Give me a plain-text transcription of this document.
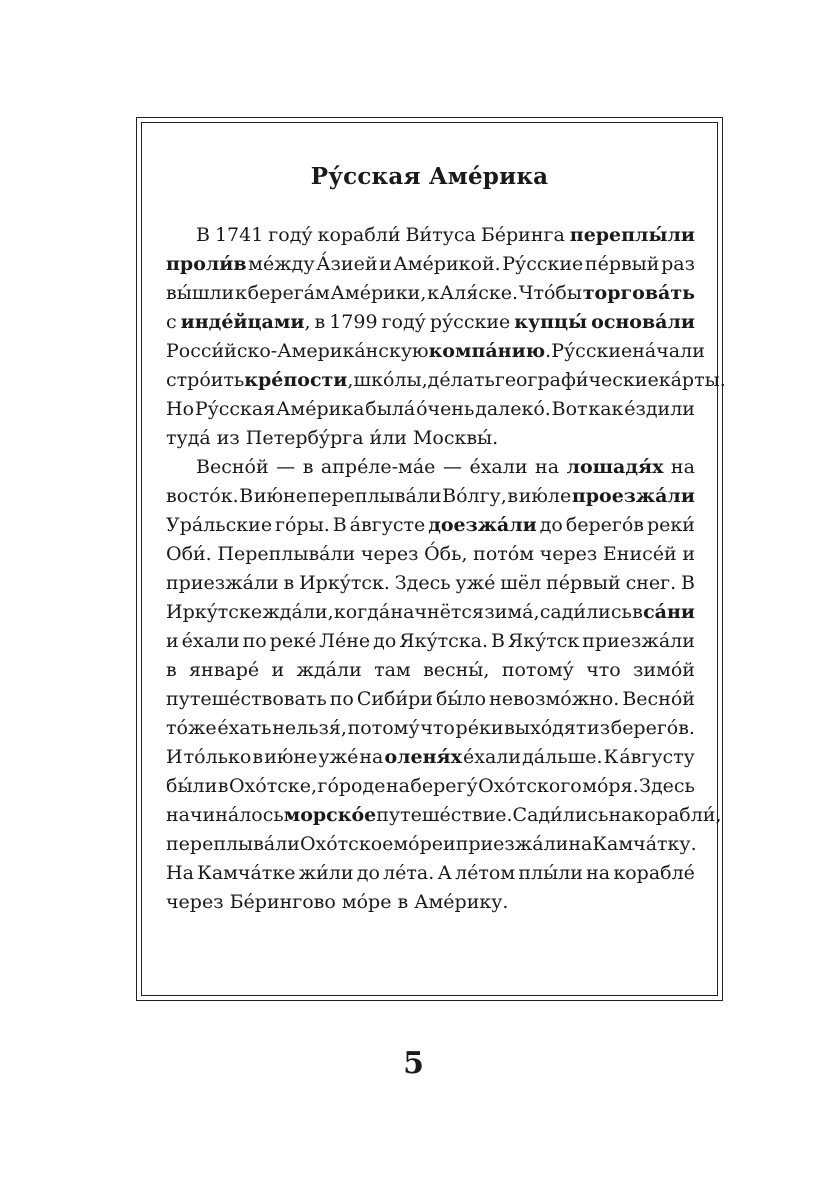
Ру́сская Аме́рика
В 1741 году́ корабли́ Ви́туса Бе́ринга переплы́ли
проли́в ме́жду А́зией и Аме́рикой. Ру́сские пе́рвый раз
вы́шли к берега́м Аме́рики, к Аля́ске. Что́бы торгова́ть
с инде́йцами, в 1799 году́ ру́сские купцы́ основа́ли
Росси́йско-Америка́нскую компа́нию. Ру́сские на́чали
стро́ить кре́пости, шко́лы, де́лать географи́ческие ка́рты.
Но Ру́сская Аме́рика была́ о́чень далеко́. Вот как е́здили
туда́ из Петербу́рга и́ли Москвы́.
Весно́й — в апре́ле-ма́е — е́хали на лошадя́х на
восто́к. В ию́не переплыва́ли Во́лгу, в ию́ле проезжа́ли
Ура́льские го́ры. В а́вгусте доезжа́ли до берего́в реки́
Оби́. Переплыва́ли через О́бь, пото́м через Енисе́й и
приезжа́ли в Ирку́тск. Здесь уже́ шёл пе́рвый снег. В
Ирку́тске жда́ли, когда́ начнётся зима́, сади́лись в са́ни
и е́хали по реке́ Ле́не до Яку́тска. В Яку́тск приезжа́ли
в январе́ и жда́ли там весны́, потому́ что зимо́й
путеше́ствовать по Сиби́ри бы́ло невозмо́жно. Весно́й
то́же е́хать нельзя́, потому́ что ре́ки выхо́дят из берего́в.
И то́лько в ию́не уже́ на оленя́х е́хали да́льше. К а́вгусту
бы́ли в Охо́тске, го́роде на берегу́ Охо́тского мо́ря. Здесь
начина́лось морско́е путеше́ствие. Сади́лись на корабли́,
переплыва́ли Охо́тское мо́ре и приезжа́ли на Камча́тку.
На Камча́тке жи́ли до ле́та. А ле́том плы́ли на корабле́
через Бе́рингово мо́ре в Аме́рику.
5
